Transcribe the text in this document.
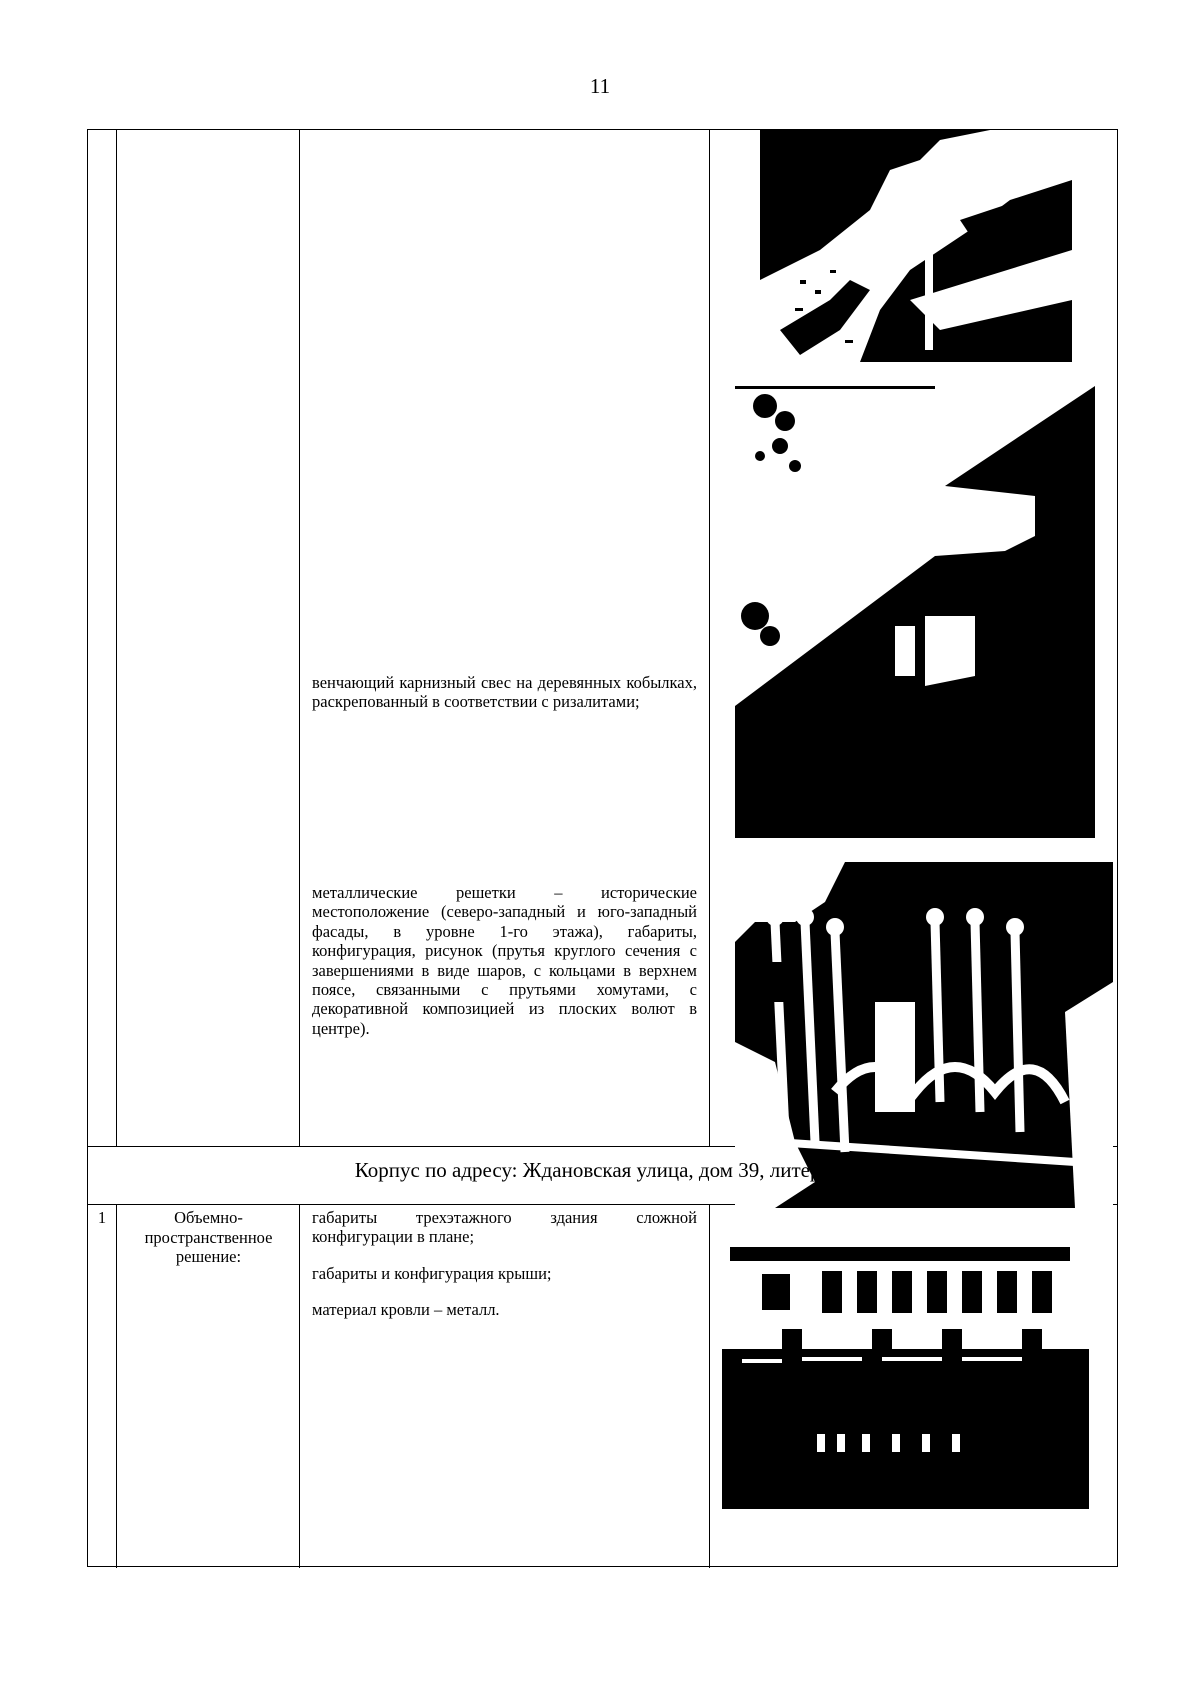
11
венчающий карнизный свес на деревянных кобылках, раскрепованный в соответствии с ризалитами;
металлические решетки – исторические местоположение (северо-западный и юго-западный фасады, в уровне 1-го этажа), габариты, конфигурация, рисунок (прутья круглого сечения с завершениями в виде шаров, с кольцами в верхнем поясе, связанными с прутьями хомутами, с декоративной композицией из плоских волют в центре).
Корпус по адресу: Ждановская улица, дом 39, литера А
1	Объемно-пространственное решение:

габариты трехэтажного здания сложной конфигурации в плане;

габариты и конфигурация крыши;

материал кровли – металл.
